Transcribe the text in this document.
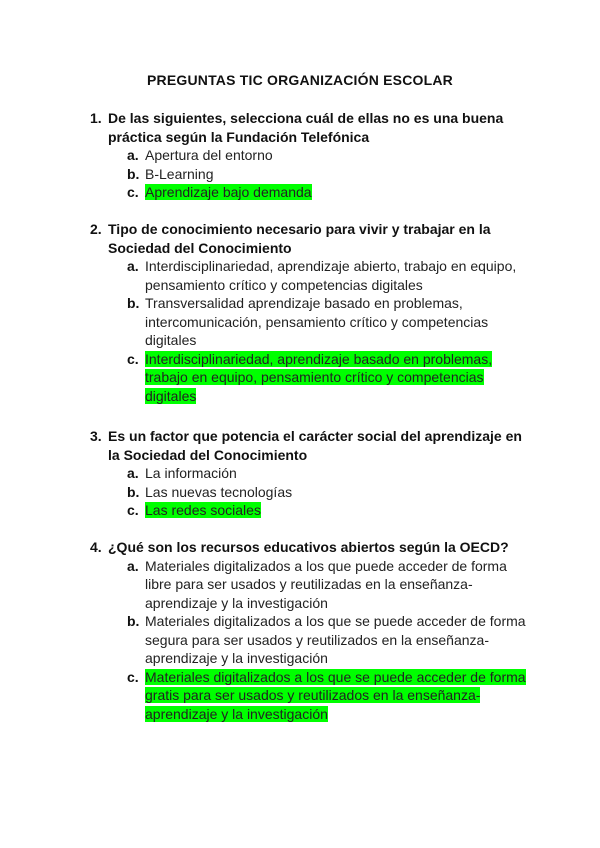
PREGUNTAS TIC ORGANIZACIÓN ESCOLAR
1. De las siguientes, selecciona cuál de ellas no es una buena práctica según la Fundación Telefónica
a. Apertura del entorno
b. B-Learning
c. Aprendizaje bajo demanda
2. Tipo de conocimiento necesario para vivir y trabajar en la Sociedad del Conocimiento
a. Interdisciplinariedad, aprendizaje abierto, trabajo en equipo, pensamiento crítico y competencias digitales
b. Transversalidad aprendizaje basado en problemas, intercomunicación, pensamiento crítico y competencias digitales
c. Interdisciplinariedad, aprendizaje basado en problemas, trabajo en equipo, pensamiento crítico y competencias digitales
3. Es un factor que potencia el carácter social del aprendizaje en la Sociedad del Conocimiento
a. La información
b. Las nuevas tecnologías
c. Las redes sociales
4. ¿Qué son los recursos educativos abiertos según la OECD?
a. Materiales digitalizados a los que puede acceder de forma libre para ser usados y reutilizadas en la enseñanza-aprendizaje y la investigación
b. Materiales digitalizados a los que se puede acceder de forma segura para ser usados y reutilizados en la enseñanza-aprendizaje y la investigación
c. Materiales digitalizados a los que se puede acceder de forma gratis para ser usados y reutilizados en la enseñanza-aprendizaje y la investigación
